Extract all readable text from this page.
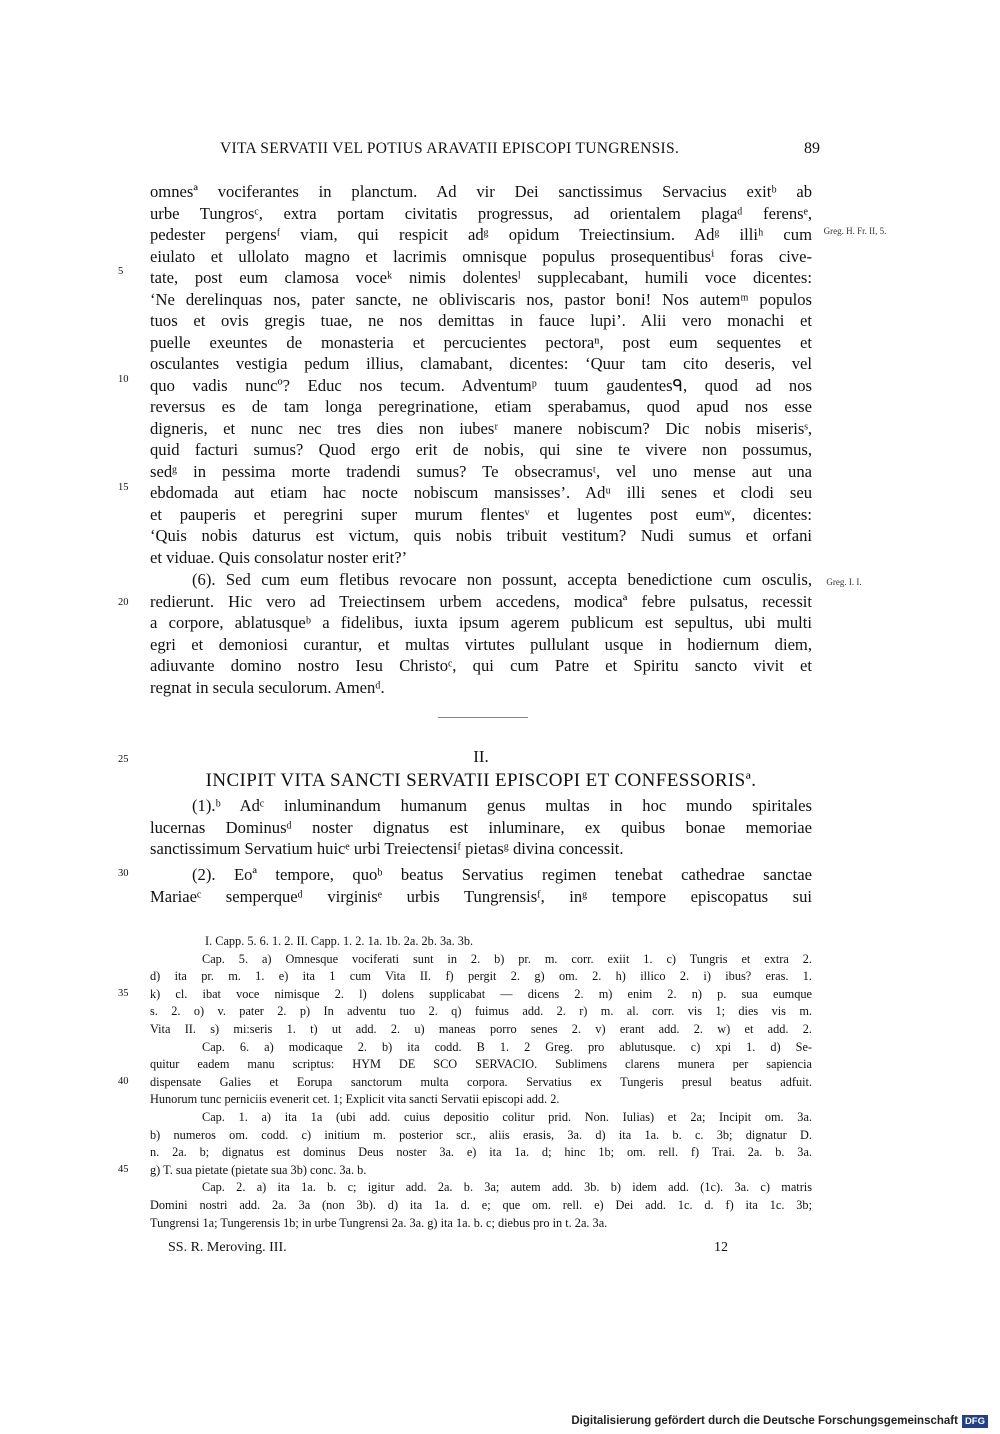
VITA SERVATII VEL POTIUS ARAVATII EPISCOPI TUNGRENSIS.	89
omnesª vociferantes in planctum. Ad vir Dei sanctissimus Servacius exitᵇ ab
urbe Tungrosᶜ, extra portam civitatis progressus, ad orientalem plagaᵈ ferensᵉ,
pedester pergensᶠ viam, qui respicit adᵍ opidum Treiectinsium. Adᵍ illiʰ cum
eiulato et ullolato magno et lacrimis omnisque populus prosequentibusⁱ foras cive-
tate, post eum clamosa voceᵏ nimis dolentesˡ supplecabant, humili voce dicentes:
‘Ne derelinquas nos, pater sancte, ne obliviscaris nos, pastor boni! Nos autemᵐ populos
tuos et ovis gregis tuae, ne nos demittas in fauce lupi’. Alii vero monachi et
puelle exeuntes de monasteria et percucientes pectoraⁿ, post eum sequentes et
osculantes vestigia pedum illius, clamabant, dicentes: ‘Quur tam cito deseris, vel
quo vadis nuncº? Educ nos tecum. Adventumᵖ tuum gaudentesᑫ, quod ad nos
reversus es de tam longa peregrinatione, etiam sperabamus, quod apud nos esse
digneris, et nunc nec tres dies non iubesʳ manere nobiscum? Dic nobis miserisˢ,
quid facturi sumus? Quod ergo erit de nobis, qui sine te vivere non possumus,
sedᵍ in pessima morte tradendi sumus? Te obsecramusᵗ, vel uno mense aut una
ebdomada aut etiam hac nocte nobiscum mansisses’. Adᵘ illi senes et clodi seu
et pauperis et peregrini super murum flentesᵛ et lugentes post eumʷ, dicentes:
‘Quis nobis daturus est victum, quis nobis tribuit vestitum? Nudi sumus et orfani
et viduae. Quis consolatur noster erit?’
(6). Sed cum eum fletibus revocare non possunt, accepta benedictione cum osculis,
redierunt. Hic vero ad Treiectinsem urbem accedens, modicaª febre pulsatus, recessit
a corpore, ablatusqueᵇ a fidelibus, iuxta ipsum agerem publicum est sepultus, ubi multi
egri et demoniosi curantur, et multas virtutes pullulant usque in hodiernum diem,
adiuvante domino nostro Iesu Christoᶜ, qui cum Patre et Spiritu sancto vivit et
regnat in secula seculorum. Amenᵈ.
II.
INCIPIT VITA SANCTI SERVATII EPISCOPI ET CONFESSORISª.
(1).ᵇ Adᶜ inluminandum humanum genus multas in hoc mundo spiritales
lucernas Dominusᵈ noster dignatus est inluminare, ex quibus bonae memoriae
sanctissimum Servatium huicᵉ urbi Treiectensiᶠ pietasᵍ divina concessit.
(2). Eoª tempore, quoᵇ beatus Servatius regimen tenebat cathedrae sanctae
Mariaeᶜ semperqueᵈ virginisᵉ urbis Tungrensisᶠ, inᵍ tempore episcopatus sui
5
10
15
20
25
30
35
40
45
Greg. H. Fr. II, 5.
Greg. I. I.
I. Capp. 5. 6. 1. 2. II. Capp. 1. 2. 1a. 1b. 2a. 2b. 3a. 3b.
Cap. 5. a) Omnesque vociferati sunt in 2. b) pr. m. corr. exiit 1. c) Tungris et extra 2.
d) ita pr. m. 1. e) ita 1 cum Vita II. f) pergit 2. g) om. 2. h) illico 2. i) ibus? eras. 1.
k) cl. ibat voce nimisque 2. l) dolens supplicabat — dicens 2. m) enim 2. n) p. sua eumque
s. 2. o) v. pater 2. p) In adventu tuo 2. q) fuimus add. 2. r) m. al. corr. vis 1; dies vis m.
Vita II. s) mi:seris 1. t) ut add. 2. u) maneas porro senes 2. v) erant add. 2. w) et add. 2.
Cap. 6. a) modicaque 2. b) ita codd. B 1. 2 Greg. pro ablutusque. c) xpi 1. d) Se-
quitur eadem manu scriptus: HYM DE SCO SERVACIO. Sublimens clarens munera per sapiencia
dispensate Galies et Eorupa sanctorum multa corpora. Servatius ex Tungeris presul beatus adfuit.
Hunorum tunc perniciis evenerit cet. 1; Explicit vita sancti Servatii episcopi add. 2.
Cap. 1. a) ita 1a (ubi add. cuius depositio colitur prid. Non. Iulias) et 2a; Incipit om. 3a.
b) numeros om. codd. c) initium m. posterior scr., aliis erasis, 3a. d) ita 1a. b. c. 3b; dignatur D.
n. 2a. b; dignatus est dominus Deus noster 3a. e) ita 1a. d; hinc 1b; om. rell. f) Trai. 2a. b. 3a.
g) T. sua pietate (pietate sua 3b) conc. 3a. b.
Cap. 2. a) ita 1a. b. c; igitur add. 2a. b. 3a; autem add. 3b. b) idem add. (1c). 3a. c) matris
Domini nostri add. 2a. 3a (non 3b). d) ita 1a. d. e; que om. rell. e) Dei add. 1c. d. f) ita 1c. 3b;
Tungrensi 1a; Tungerensis 1b; in urbe Tungrensi 2a. 3a. g) ita 1a. b. c; diebus pro in t. 2a. 3a.
SS. R. Meroving. III.	12
Digitalisierung gefördert durch die Deutsche Forschungsgemeinschaft DFG
